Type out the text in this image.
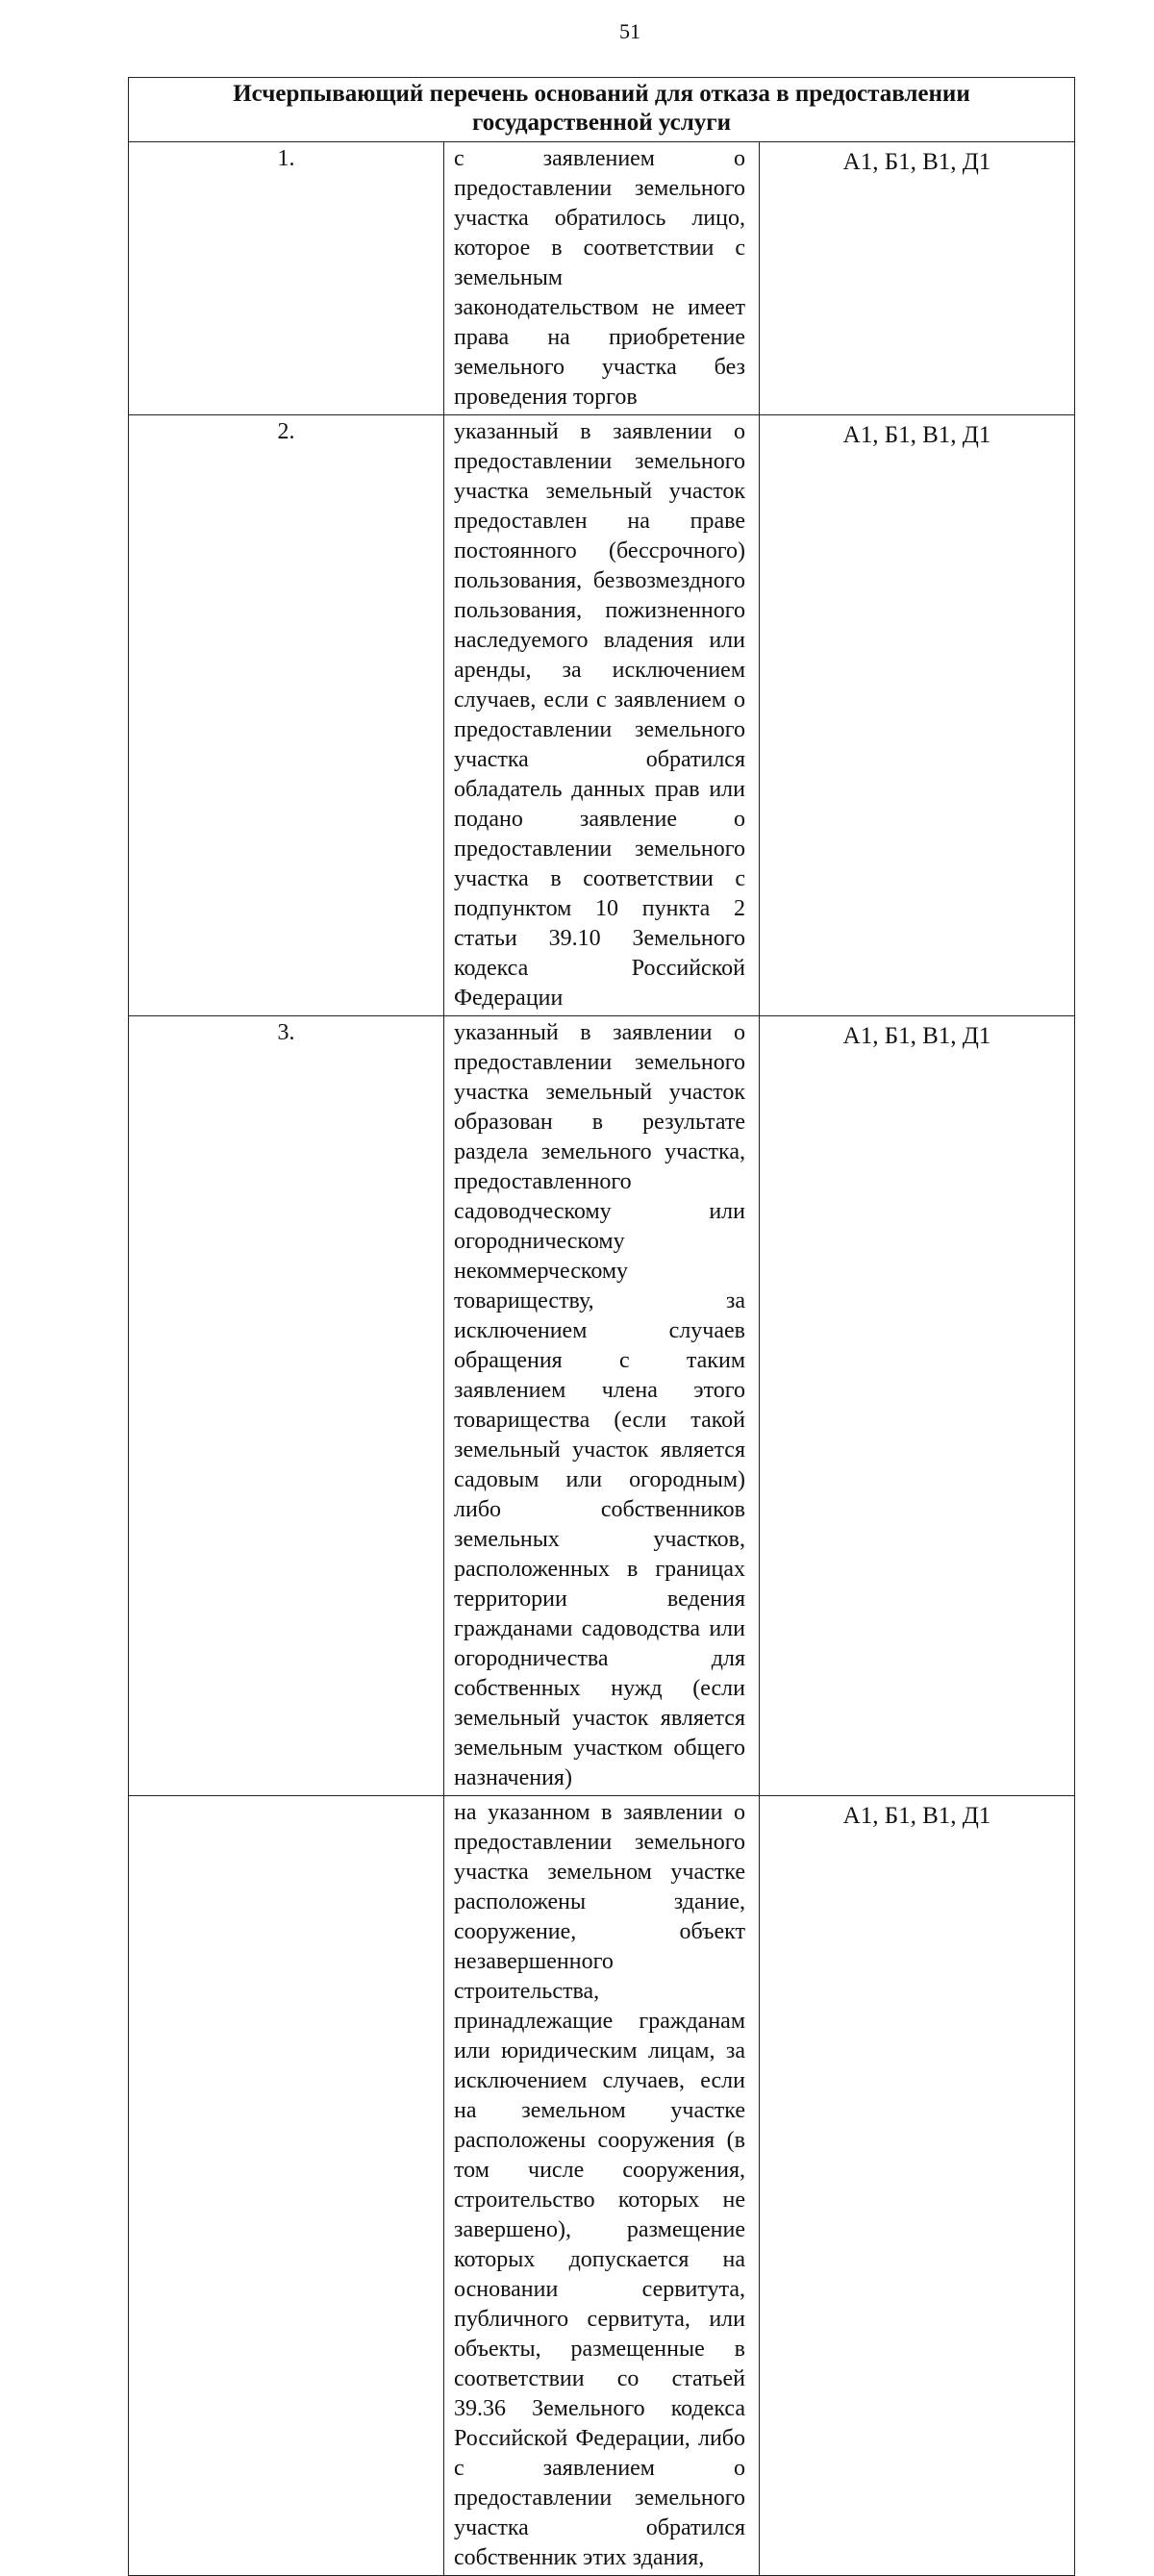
51
Исчерпывающий перечень оснований для отказа в предоставлении государственной услуги		
1.	с заявлением о предоставлении земельного участка обратилось лицо, которое в соответствии с земельным законодательством не имеет права на приобретение земельного участка без проведения торгов	А1, Б1, В1, Д1
2.	указанный в заявлении о предоставлении земельного участка земельный участок предоставлен на праве постоянного (бессрочного) пользования, безвозмездного пользования, пожизненного наследуемого владения или аренды, за исключением случаев, если с заявлением о предоставлении земельного участка обратился обладатель данных прав или подано заявление о предоставлении земельного участка в соответствии с подпунктом 10 пункта 2 статьи 39.10 Земельного кодекса Российской Федерации	А1, Б1, В1, Д1
3.	указанный в заявлении о предоставлении земельного участка земельный участок образован в результате раздела земельного участка, предоставленного садоводческому или огородническому некоммерческому товариществу, за исключением случаев обращения с таким заявлением члена этого товарищества (если такой земельный участок является садовым или огородным) либо собственников земельных участков, расположенных в границах территории ведения гражданами садоводства или огородничества для собственных нужд (если земельный участок является земельным участком общего назначения)	А1, Б1, В1, Д1
	на указанном в заявлении о предоставлении земельного участка земельном участке расположены здание, сооружение, объект незавершенного строительства, принадлежащие гражданам или юридическим лицам, за исключением случаев, если на земельном участке расположены сооружения (в том числе сооружения, строительство которых не завершено), размещение которых допускается на основании сервитута, публичного сервитута, или объекты, размещенные в соответствии со статьей 39.36 Земельного кодекса Российской Федерации, либо с заявлением о предоставлении земельного участка обратился собственник этих здания,	А1, Б1, В1, Д1
